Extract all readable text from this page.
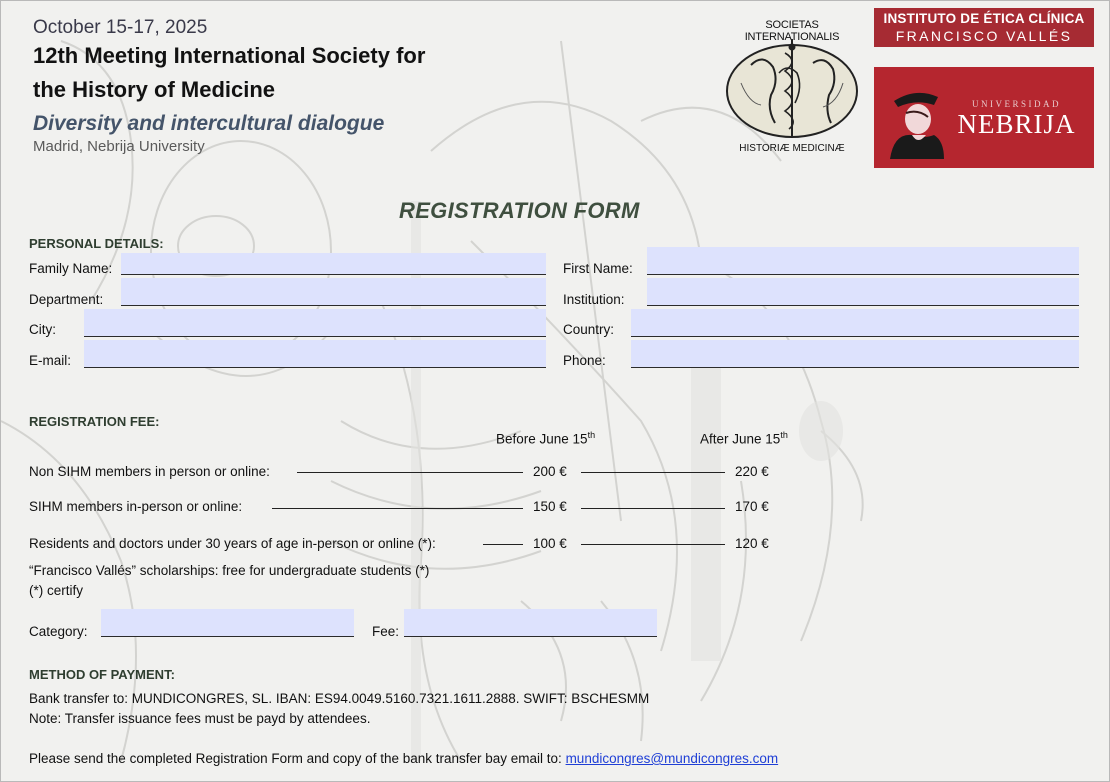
October 15-17, 2025
12th Meeting International Society for
the History of Medicine
Diversity and intercultural dialogue
Madrid, Nebrija University
SOCIETAS INTERNATIONALIS
HISTORIÆ MEDICINÆ
INSTITUTO DE ÉTICA CLÍNICA
FRANCISCO VALLÉS
UNIVERSIDAD
NEBRIJA
REGISTRATION FORM
PERSONAL DETAILS:
Family Name:	First Name:
Department:	Institution:
City:	Country:
E-mail:	Phone:
REGISTRATION FEE:
Before June 15th	After June 15th
Non SIHM members in person or online:	200 €	220 €
SIHM members in-person or online:	150 €	170 €
Residents and doctors under 30 years of age in-person or online (*):	100 €	120 €
“Francisco Vallés” scholarships: free for undergraduate students (*)
(*) certify
Category:	Fee:
METHOD OF PAYMENT:
Bank transfer to: MUNDICONGRES, SL. IBAN: ES94.0049.5160.7321.1611.2888. SWIFT: BSCHESMM
Note: Transfer issuance fees must be payd by attendees.
Please send the completed Registration Form and copy of the bank transfer bay email to: mundicongres@mundicongres.com
